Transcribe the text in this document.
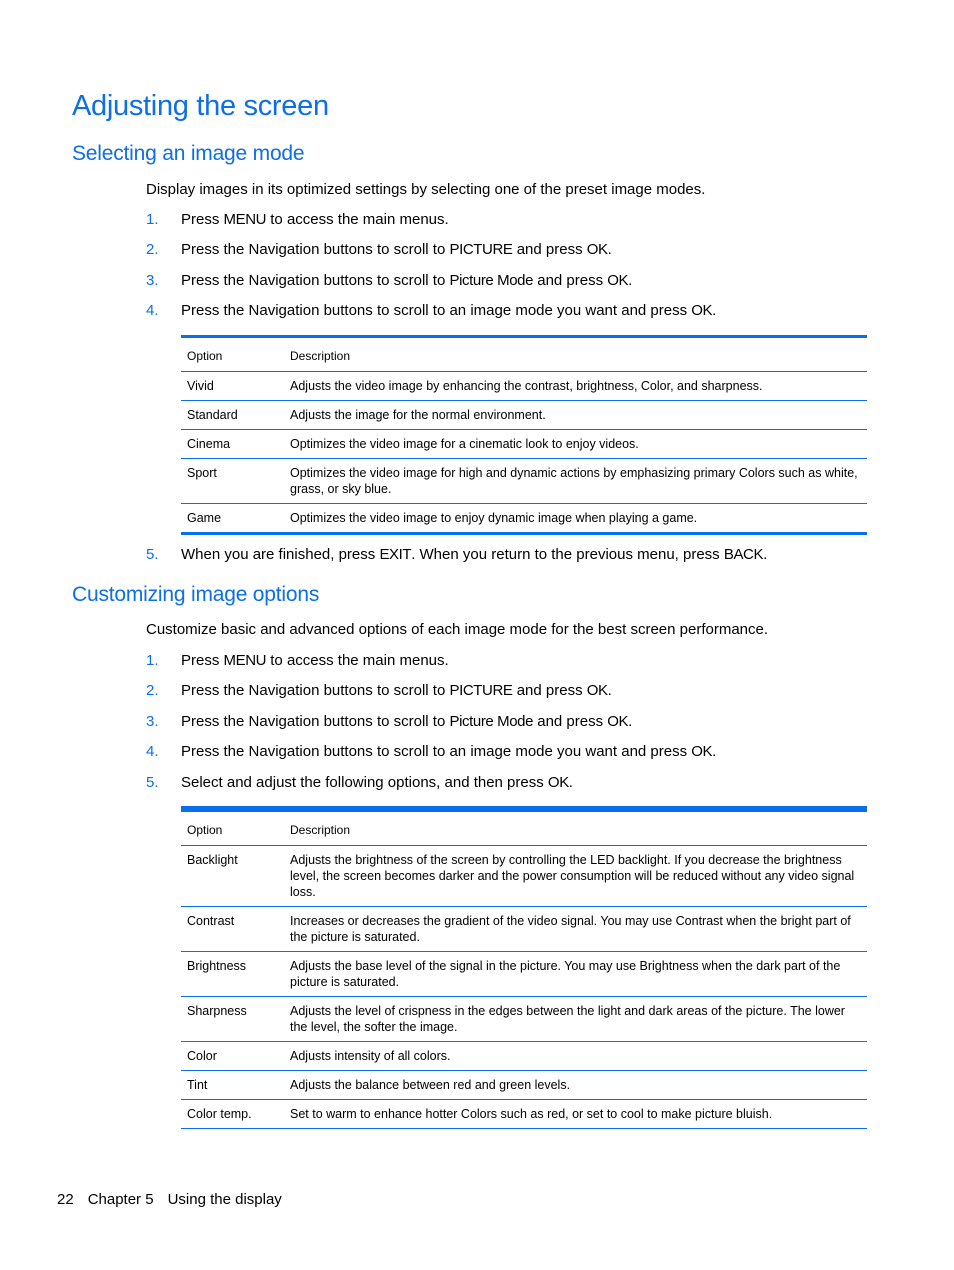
Adjusting the screen
Selecting an image mode

Display images in its optimized settings by selecting one of the preset image modes.

1. Press MENU to access the main menus.
2. Press the Navigation buttons to scroll to PICTURE and press OK.
3. Press the Navigation buttons to scroll to Picture Mode and press OK.
4. Press the Navigation buttons to scroll to an image mode you want and press OK.
Option	Description
Vivid	Adjusts the video image by enhancing the contrast, brightness, Color, and sharpness.
Standard	Adjusts the image for the normal environment.
Cinema	Optimizes the video image for a cinematic look to enjoy videos.
Sport	Optimizes the video image for high and dynamic actions by emphasizing primary Colors such as white, grass, or sky blue.
Game	Optimizes the video image to enjoy dynamic image when playing a game.
5. When you are finished, press EXIT. When you return to the previous menu, press BACK.
Customizing image options

Customize basic and advanced options of each image mode for the best screen performance.

1. Press MENU to access the main menus.
2. Press the Navigation buttons to scroll to PICTURE and press OK.
3. Press the Navigation buttons to scroll to Picture Mode and press OK.
4. Press the Navigation buttons to scroll to an image mode you want and press OK.
5. Select and adjust the following options, and then press OK.
Option	Description
Backlight	Adjusts the brightness of the screen by controlling the LED backlight. If you decrease the brightness level, the screen becomes darker and the power consumption will be reduced without any video signal loss.
Contrast	Increases or decreases the gradient of the video signal. You may use Contrast when the bright part of the picture is saturated.
Brightness	Adjusts the base level of the signal in the picture. You may use Brightness when the dark part of the picture is saturated.
Sharpness	Adjusts the level of crispness in the edges between the light and dark areas of the picture. The lower the level, the softer the image.
Color	Adjusts intensity of all colors.
Tint	Adjusts the balance between red and green levels.
Color temp.	Set to warm to enhance hotter Colors such as red, or set to cool to make picture bluish.
22 Chapter 5 Using the display
